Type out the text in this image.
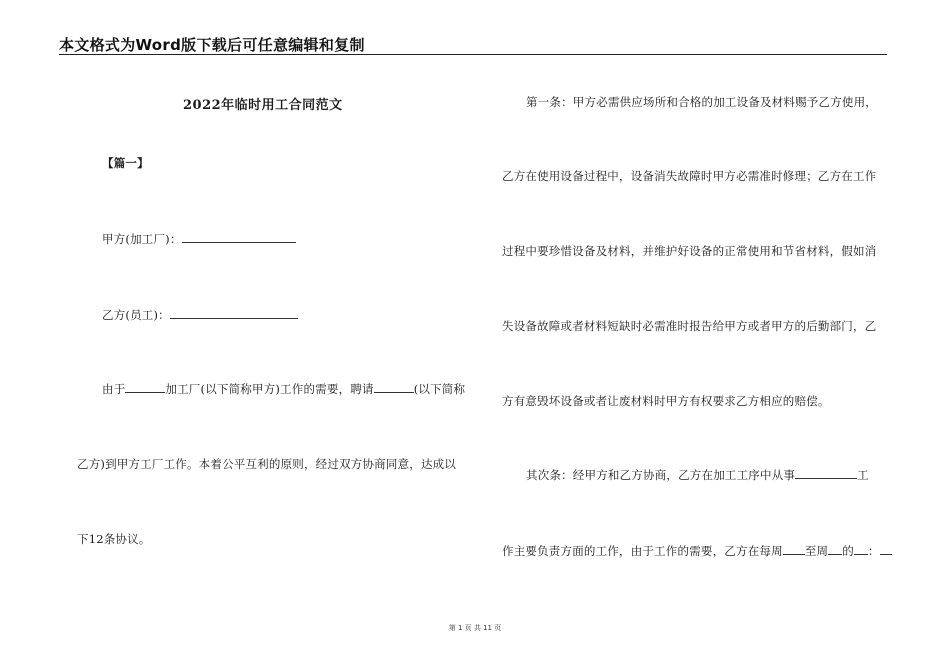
本文格式为Word版下载后可任意编辑和复制
2022年临时用工合同范文
【篇一】
甲方(加工厂)：
乙方(员工)：
由于	加工厂(以下简称甲方)工作的需要，聘请	(以下简称
乙方)到甲方工厂工作。本着公平互利的原则，经过双方协商同意，达成以
下12条协议。
第一条：甲方必需供应场所和合格的加工设备及材料赐予乙方使用，
乙方在使用设备过程中，设备消失故障时甲方必需准时修理；乙方在工作
过程中要珍惜设备及材料，并维护好设备的正常使用和节省材料，假如消
失设备故障或者材料短缺时必需准时报告给甲方或者甲方的后勤部门，乙
方有意毁坏设备或者让废材料时甲方有权要求乙方相应的赔偿。
其次条：经甲方和乙方协商，乙方在加工工序中从事	工
作主要负责方面的工作，由于工作的需要，乙方在每周 至周 的 ：
第 1 页 共 11 页
